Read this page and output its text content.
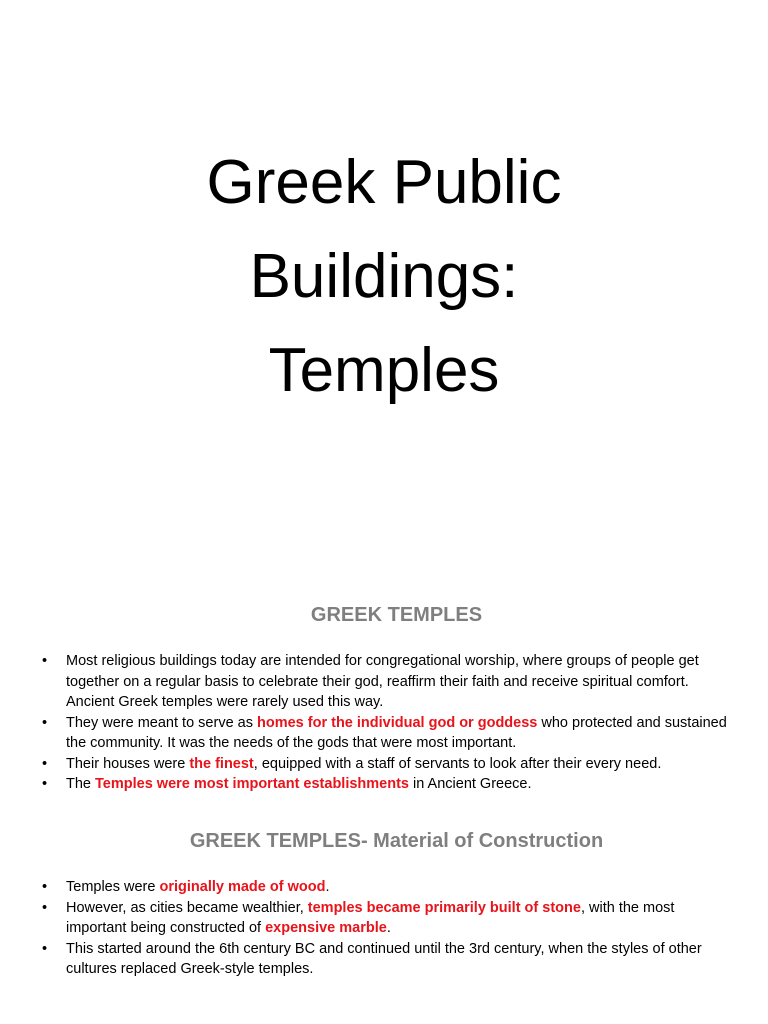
Greek Public
Buildings:
Temples
GREEK TEMPLES
•	Most religious buildings today are intended for congregational worship, where groups of people get together on a regular basis to celebrate their god, reaffirm their faith and receive spiritual comfort. Ancient Greek temples were rarely used this way.
•	They were meant to serve as homes for the individual god or goddess who protected and sustained the community. It was the needs of the gods that were most important.
•	Their houses were the finest, equipped with a staff of servants to look after their every need.
•	The Temples were most important establishments in Ancient Greece.
GREEK TEMPLES- Material of Construction
•	Temples were originally made of wood.
•	However, as cities became wealthier, temples became primarily built of stone, with the most important being constructed of expensive marble.
•	This started around the 6th century BC and continued until the 3rd century, when the styles of other cultures replaced Greek-style temples.
